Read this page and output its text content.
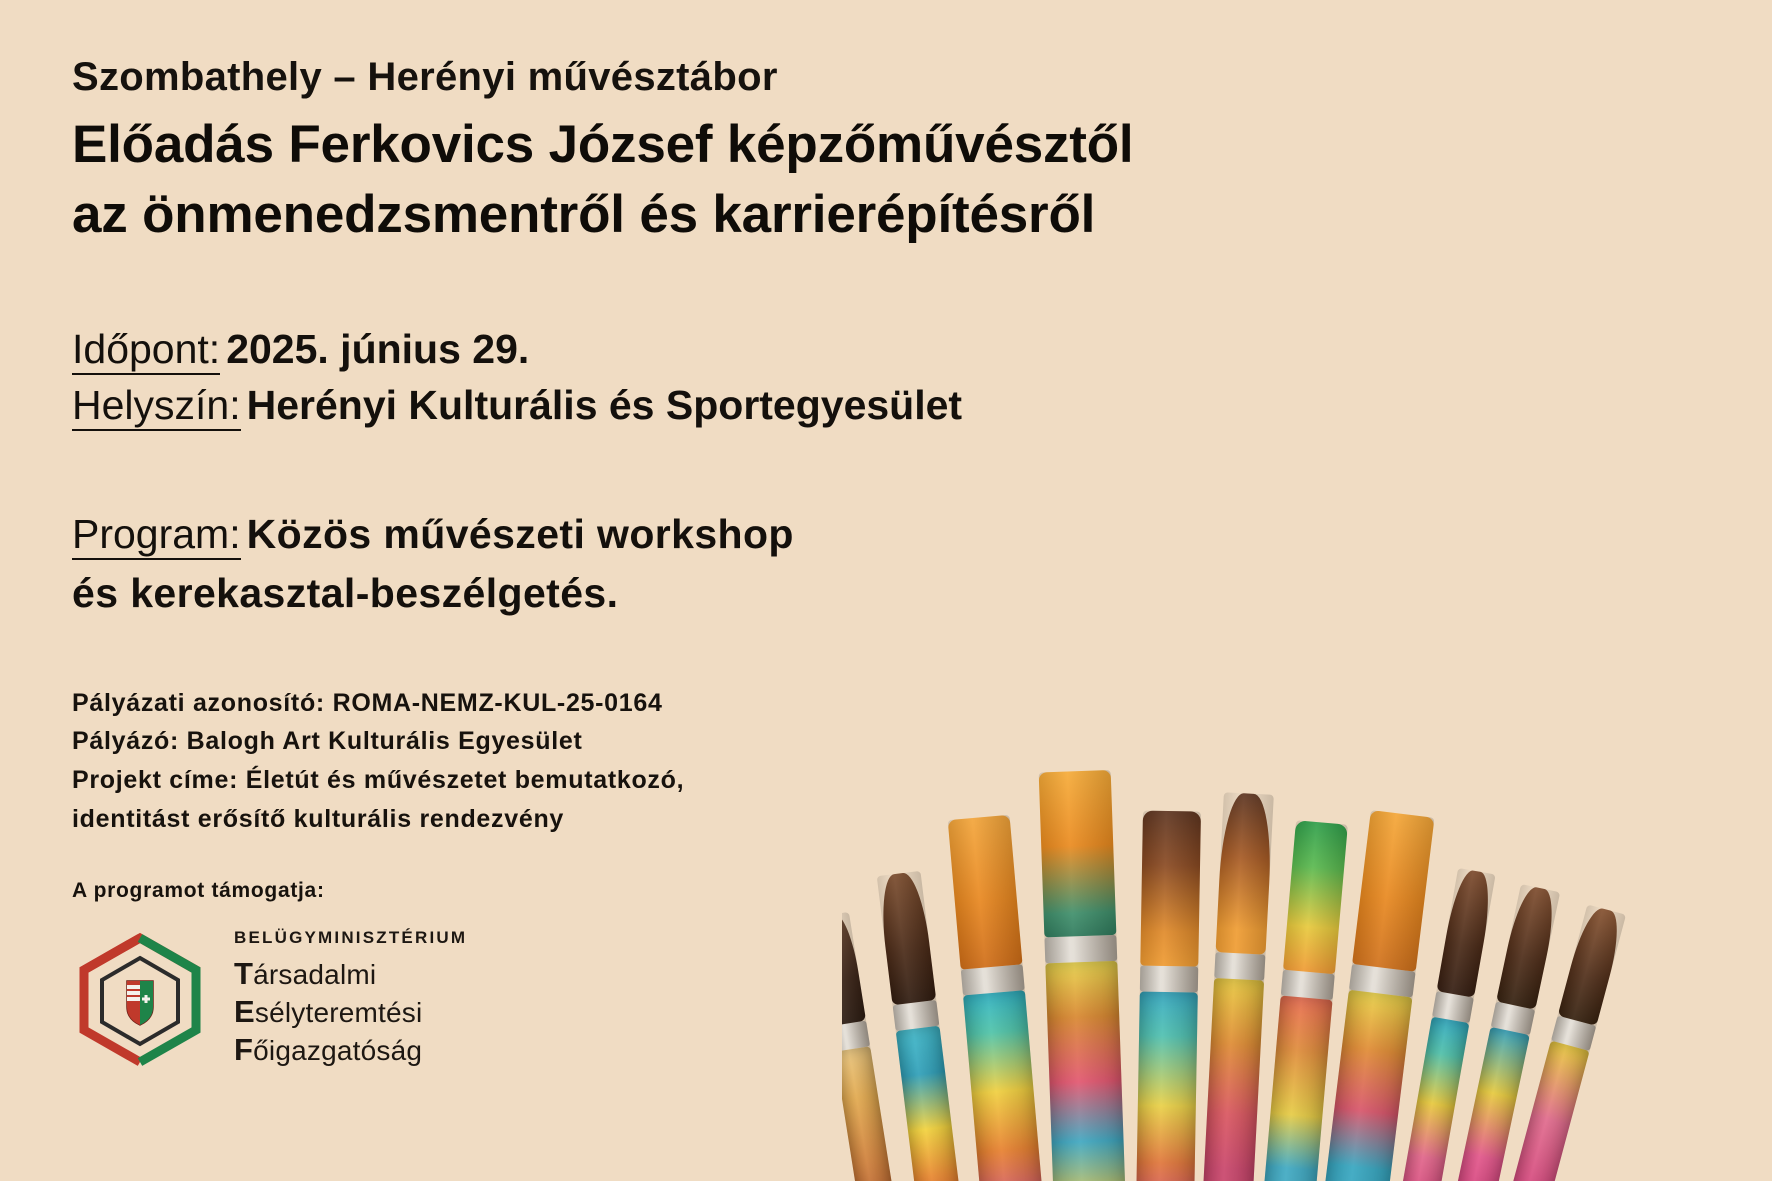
Szombathely – Herényi művésztábor
Előadás Ferkovics József képzőművésztől
az önmenedzsmentről és karrierépítésről
Időpont: 2025. június 29.
Helyszín: Herényi Kulturális és Sportegyesület
Program: Közös művészeti workshop
és kerekasztal-beszélgetés.
Pályázati azonosító: ROMA-NEMZ-KUL-25-0164
Pályázó: Balogh Art Kulturális Egyesület
Projekt címe: Életút és művészetet bemutatkozó,
identitást erősítő kulturális rendezvény
A programot támogatja:
BELÜGYMINISZTÉRIUM
Társadalmi
Esélyteremtési
Főigazgatóság
